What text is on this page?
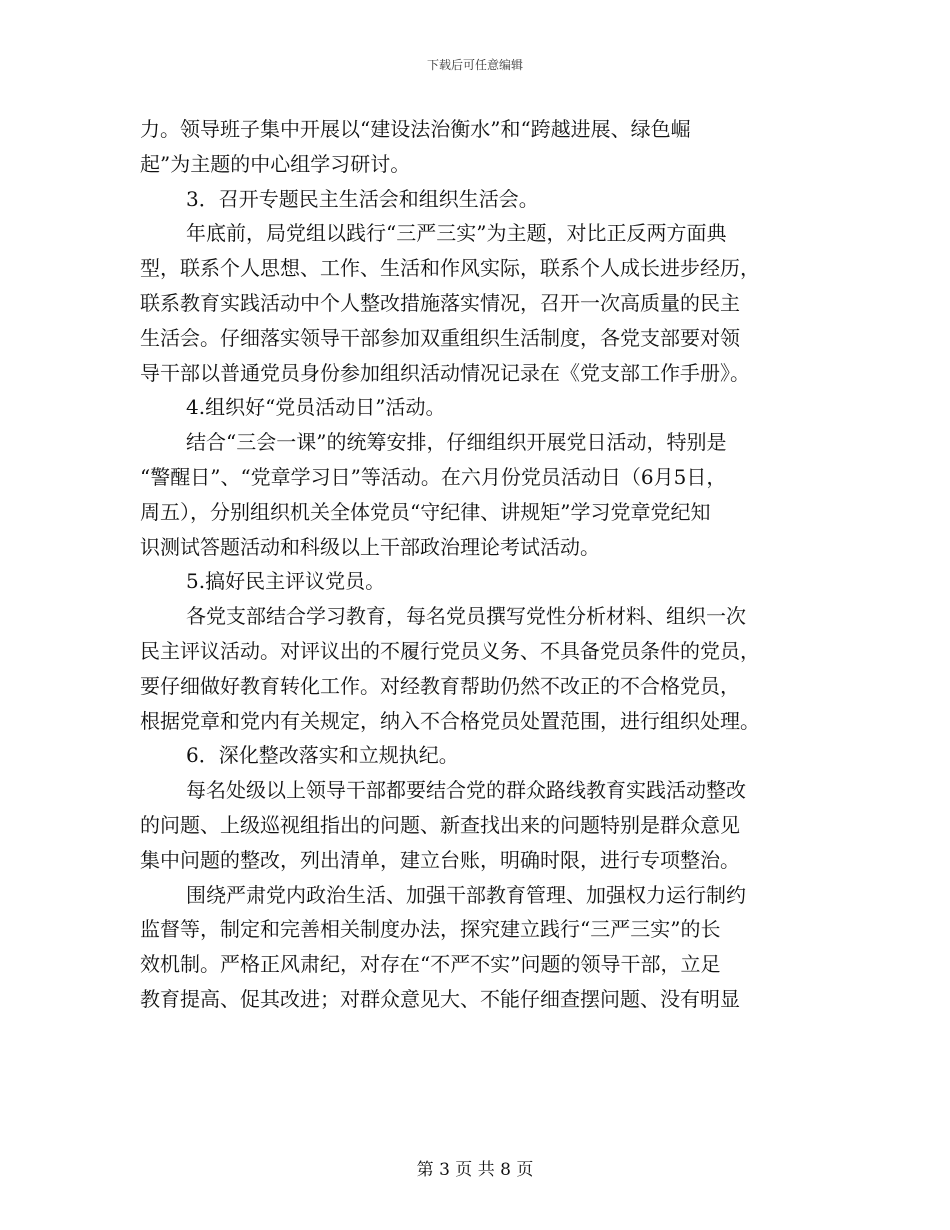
下载后可任意编辑
力。领导班子集中开展以“建设法治衡水”和“跨越进展、绿色崛
起”为主题的中心组学习研讨。
3．召开专题民主生活会和组织生活会。
年底前，局党组以践行“三严三实”为主题，对比正反两方面典
型，联系个人思想、工作、生活和作风实际，联系个人成长进步经历，
联系教育实践活动中个人整改措施落实情况，召开一次高质量的民主
生活会。仔细落实领导干部参加双重组织生活制度，各党支部要对领
导干部以普通党员身份参加组织活动情况记录在《党支部工作手册》。
4.组织好“党员活动日”活动。
结合“三会一课”的统筹安排，仔细组织开展党日活动，特别是
“警醒日”、“党章学习日”等活动。在六月份党员活动日（6月5日，
周五），分别组织机关全体党员“守纪律、讲规矩”学习党章党纪知
识测试答题活动和科级以上干部政治理论考试活动。
5.搞好民主评议党员。
各党支部结合学习教育，每名党员撰写党性分析材料、组织一次
民主评议活动。对评议出的不履行党员义务、不具备党员条件的党员，
要仔细做好教育转化工作。对经教育帮助仍然不改正的不合格党员，
根据党章和党内有关规定，纳入不合格党员处置范围，进行组织处理。
6．深化整改落实和立规执纪。
每名处级以上领导干部都要结合党的群众路线教育实践活动整改
的问题、上级巡视组指出的问题、新查找出来的问题特别是群众意见
集中问题的整改，列出清单，建立台账，明确时限，进行专项整治。
围绕严肃党内政治生活、加强干部教育管理、加强权力运行制约
监督等，制定和完善相关制度办法，探究建立践行“三严三实”的长
效机制。严格正风肃纪，对存在“不严不实”问题的领导干部，立足
教育提高、促其改进；对群众意见大、不能仔细查摆问题、没有明显
第 3 页 共 8 页
